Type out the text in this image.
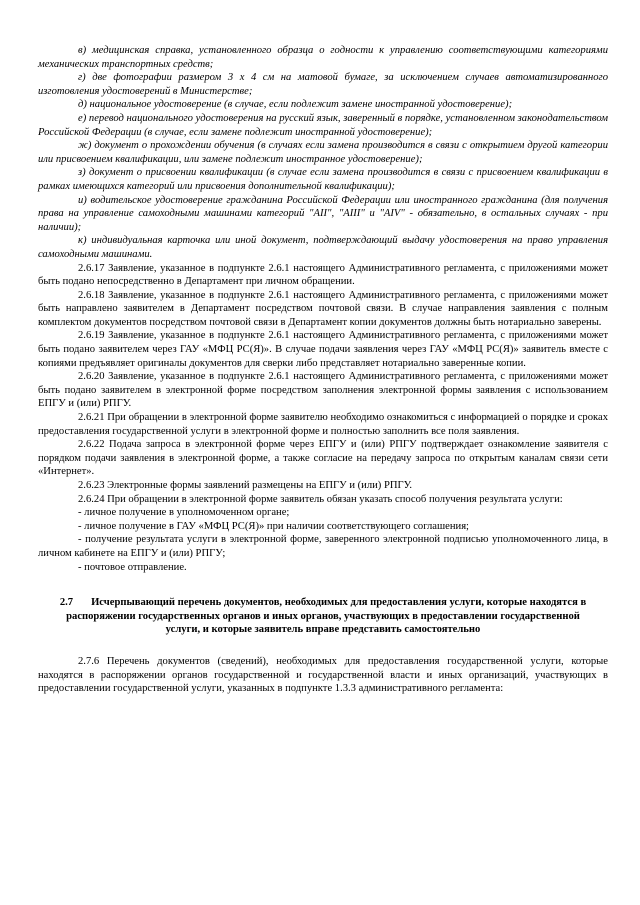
в) медицинская справка, установленного образца о годности к управлению соответствующими категориями механических транспортных средств;

г) две фотографии размером 3 х 4 см на матовой бумаге, за исключением случаев автоматизированного изготовления удостоверений в Министерстве;

д) национальное удостоверение (в случае, если подлежит замене иностранной удостоверение);

е) перевод национального удостоверения на русский язык, заверенный в порядке, установленном законодательством Российской Федерации (в случае, если замене подлежит иностранной удостоверение);

ж) документ о прохождении обучения (в случаях если замена производится в связи с открытием другой категории или присвоением квалификации, или замене подлежит иностранное удостоверение);

з) документ о присвоении квалификации (в случае если замена производится в связи с присвоением квалификации в рамках имеющихся категорий или присвоения дополнительной квалификации);

и) водительское удостоверение гражданина Российской Федерации или иностранного гражданина (для получения права на управление самоходными машинами категорий "AII", "AIII" и "AIV" - обязательно, в остальных случаях - при наличии);

к) индивидуальная карточка или иной документ, подтверждающий выдачу удостоверения на право управления самоходными машинами.

2.6.17 Заявление, указанное в подпункте 2.6.1 настоящего Административного регламента, с приложениями может быть подано непосредственно в Департамент при личном обращении.

2.6.18 Заявление, указанное в подпункте 2.6.1 настоящего Административного регламента, с приложениями может быть направлено заявителем в Департамент посредством почтовой связи. В случае направления заявления с полным комплектом документов посредством почтовой связи в Департамент копии документов должны быть нотариально заверены.

2.6.19 Заявление, указанное в подпункте 2.6.1 настоящего Административного регламента, с приложениями может быть подано заявителем через ГАУ «МФЦ РС(Я)». В случае подачи заявления через ГАУ «МФЦ РС(Я)» заявитель вместе с копиями предъявляет оригиналы документов для сверки либо представляет нотариально заверенные копии.

2.6.20 Заявление, указанное в подпункте 2.6.1 настоящего Административного регламента, с приложениями может быть подано заявителем в электронной форме посредством заполнения электронной формы заявления с использованием ЕПГУ и (или) РПГУ.

2.6.21 При обращении в электронной форме заявителю необходимо ознакомиться с информацией о порядке и сроках предоставления государственной услуги в электронной форме и полностью заполнить все поля заявления.

2.6.22 Подача запроса в электронной форме через ЕПГУ и (или) РПГУ подтверждает ознакомление заявителя с порядком подачи заявления в электронной форме, а также согласие на передачу запроса по открытым каналам связи сети «Интернет».

2.6.23 Электронные формы заявлений размещены на ЕПГУ и (или) РПГУ.

2.6.24 При обращении в электронной форме заявитель обязан указать способ получения результата услуги:

- личное получение в уполномоченном органе;

- личное получение в ГАУ «МФЦ РС(Я)» при наличии соответствующего соглашения;

- получение результата услуги в электронной форме, заверенного электронной подписью уполномоченного лица, в личном кабинете на ЕПГУ и (или) РПГУ;

- почтовое отправление.

2.7 Исчерпывающий перечень документов, необходимых для предоставления услуги, которые находятся в распоряжении государственных органов и иных органов, участвующих в предоставлении государственной услуги, и которые заявитель вправе представить самостоятельно

2.7.6 Перечень документов (сведений), необходимых для предоставления государственной услуги, которые находятся в распоряжении органов государственной и государственной власти и иных организаций, участвующих в предоставлении государственной услуги, указанных в подпункте 1.3.3 административного регламента:
